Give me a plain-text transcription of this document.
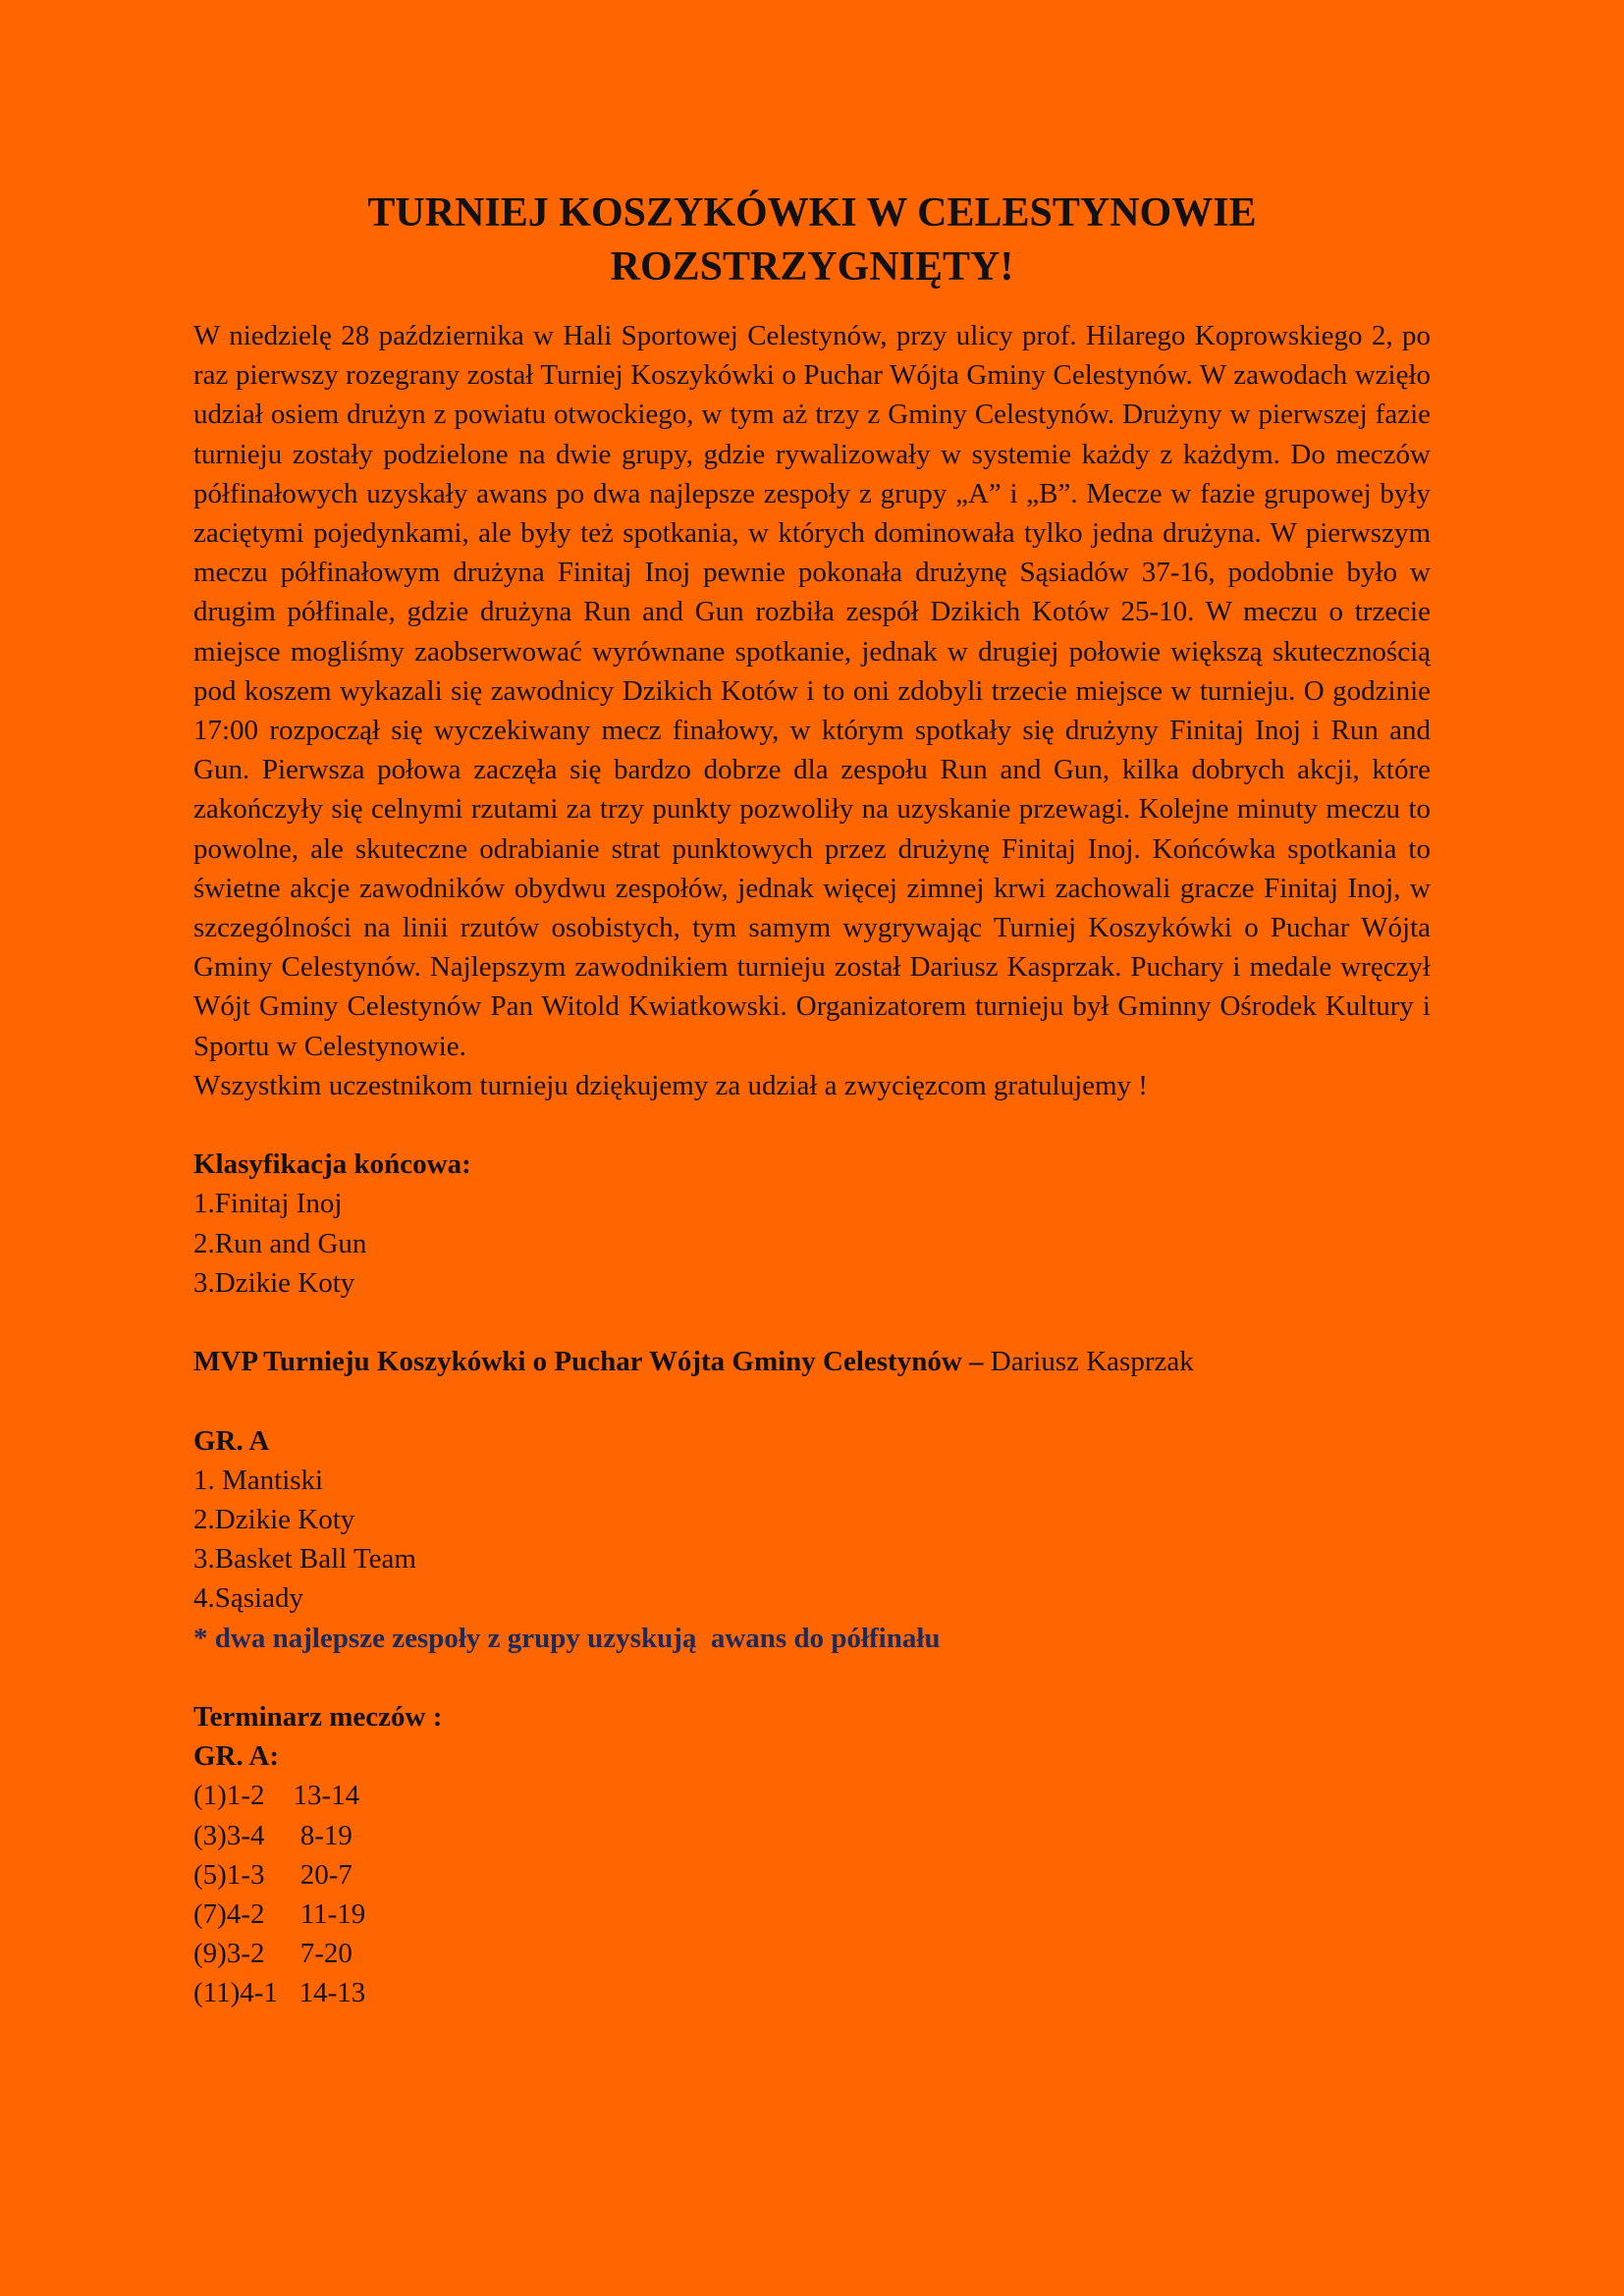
TURNIEJ KOSZYKÓWKI W CELESTYNOWIE
ROZSTRZYGNIĘTY!

W niedzielę 28 października w Hali Sportowej Celestynów, przy ulicy prof. Hilarego Koprowskiego 2, po raz pierwszy rozegrany został Turniej Koszykówki o Puchar Wójta Gminy Celestynów. W zawodach wzięło udział osiem drużyn z powiatu otwockiego, w tym aż trzy z Gminy Celestynów. Drużyny w pierwszej fazie turnieju zostały podzielone na dwie grupy, gdzie rywalizowały w systemie każdy z każdym. Do meczów półfinałowych uzyskały awans po dwa najlepsze zespoły z grupy „A” i „B”. Mecze w fazie grupowej były zaciętymi pojedynkami, ale były też spotkania, w których dominowała tylko jedna drużyna. W pierwszym meczu półfinałowym drużyna Finitaj Inoj pewnie pokonała drużynę Sąsiadów 37-16, podobnie było w drugim półfinale, gdzie drużyna Run and Gun rozbiła zespół Dzikich Kotów 25-10. W meczu o trzecie miejsce mogliśmy zaobserwować wyrównane spotkanie, jednak w drugiej połowie większą skutecznością pod koszem wykazali się zawodnicy Dzikich Kotów i to oni zdobyli trzecie miejsce w turnieju. O godzinie 17:00 rozpoczął się wyczekiwany mecz finałowy, w którym spotkały się drużyny Finitaj Inoj i Run and Gun. Pierwsza połowa zaczęła się bardzo dobrze dla zespołu Run and Gun, kilka dobrych akcji, które zakończyły się celnymi rzutami za trzy punkty pozwoliły na uzyskanie przewagi. Kolejne minuty meczu to powolne, ale skuteczne odrabianie strat punktowych przez drużynę Finitaj Inoj. Końcówka spotkania to świetne akcje zawodników obydwu zespołów, jednak więcej zimnej krwi zachowali gracze Finitaj Inoj, w szczególności na linii rzutów osobistych, tym samym wygrywając Turniej Koszykówki o Puchar Wójta Gminy Celestynów. Najlepszym zawodnikiem turnieju został Dariusz Kasprzak. Puchary i medale wręczył Wójt Gminy Celestynów Pan Witold Kwiatkowski. Organizatorem turnieju był Gminny Ośrodek Kultury i Sportu w Celestynowie.

Wszystkim uczestnikom turnieju dziękujemy za udział a zwycięzcom gratulujemy !

Klasyfikacja końcowa:

1.Finitaj Inoj

2.Run and Gun

3.Dzikie Koty

MVP Turnieju Koszykówki o Puchar Wójta Gminy Celestynów – Dariusz Kasprzak

GR. A

1. Mantiski

2.Dzikie Koty

3.Basket Ball Team

4.Sąsiady

* dwa najlepsze zespoły z grupy uzyskują  awans do półfinału

Terminarz meczów :

GR. A:

(1)1-2    13-14

(3)3-4     8-19

(5)1-3     20-7

(7)4-2     11-19

(9)3-2     7-20

(11)4-1   14-13
